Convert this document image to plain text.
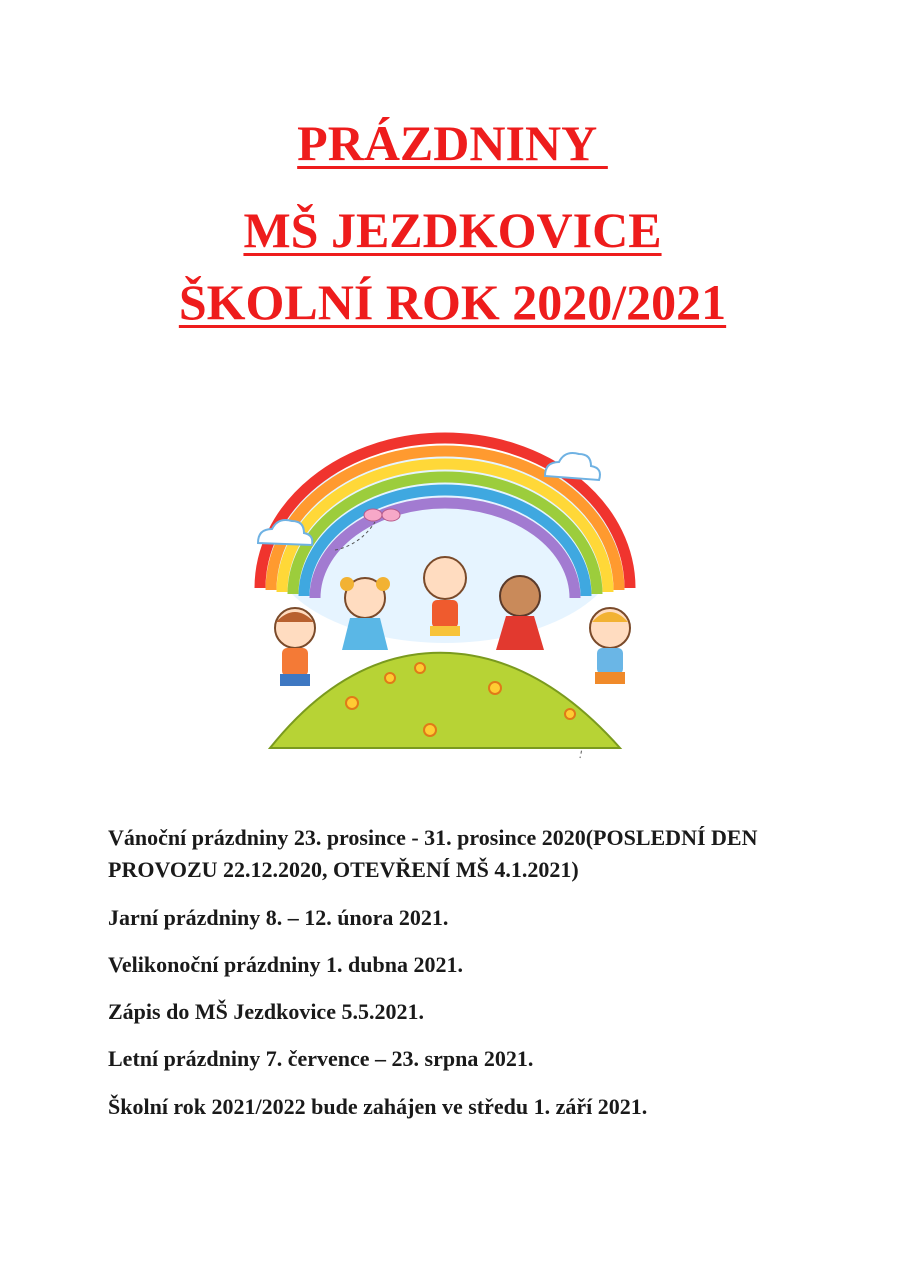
PRÁZDNINY
MŠ JEZDKOVICE
ŠKOLNÍ ROK 2020/2021
Vánoční prázdniny 23. prosince - 31. prosince 2020(POSLEDNÍ DEN PROVOZU 22.12.2020, OTEVŘENÍ MŠ 4.1.2021)
Jarní prázdniny 8. – 12. února 2021.
Velikonoční prázdniny 1. dubna 2021.
Zápis do MŠ Jezdkovice 5.5.2021.
Letní prázdniny 7. července – 23. srpna 2021.
Školní rok 2021/2022 bude zahájen ve středu 1. září 2021.
